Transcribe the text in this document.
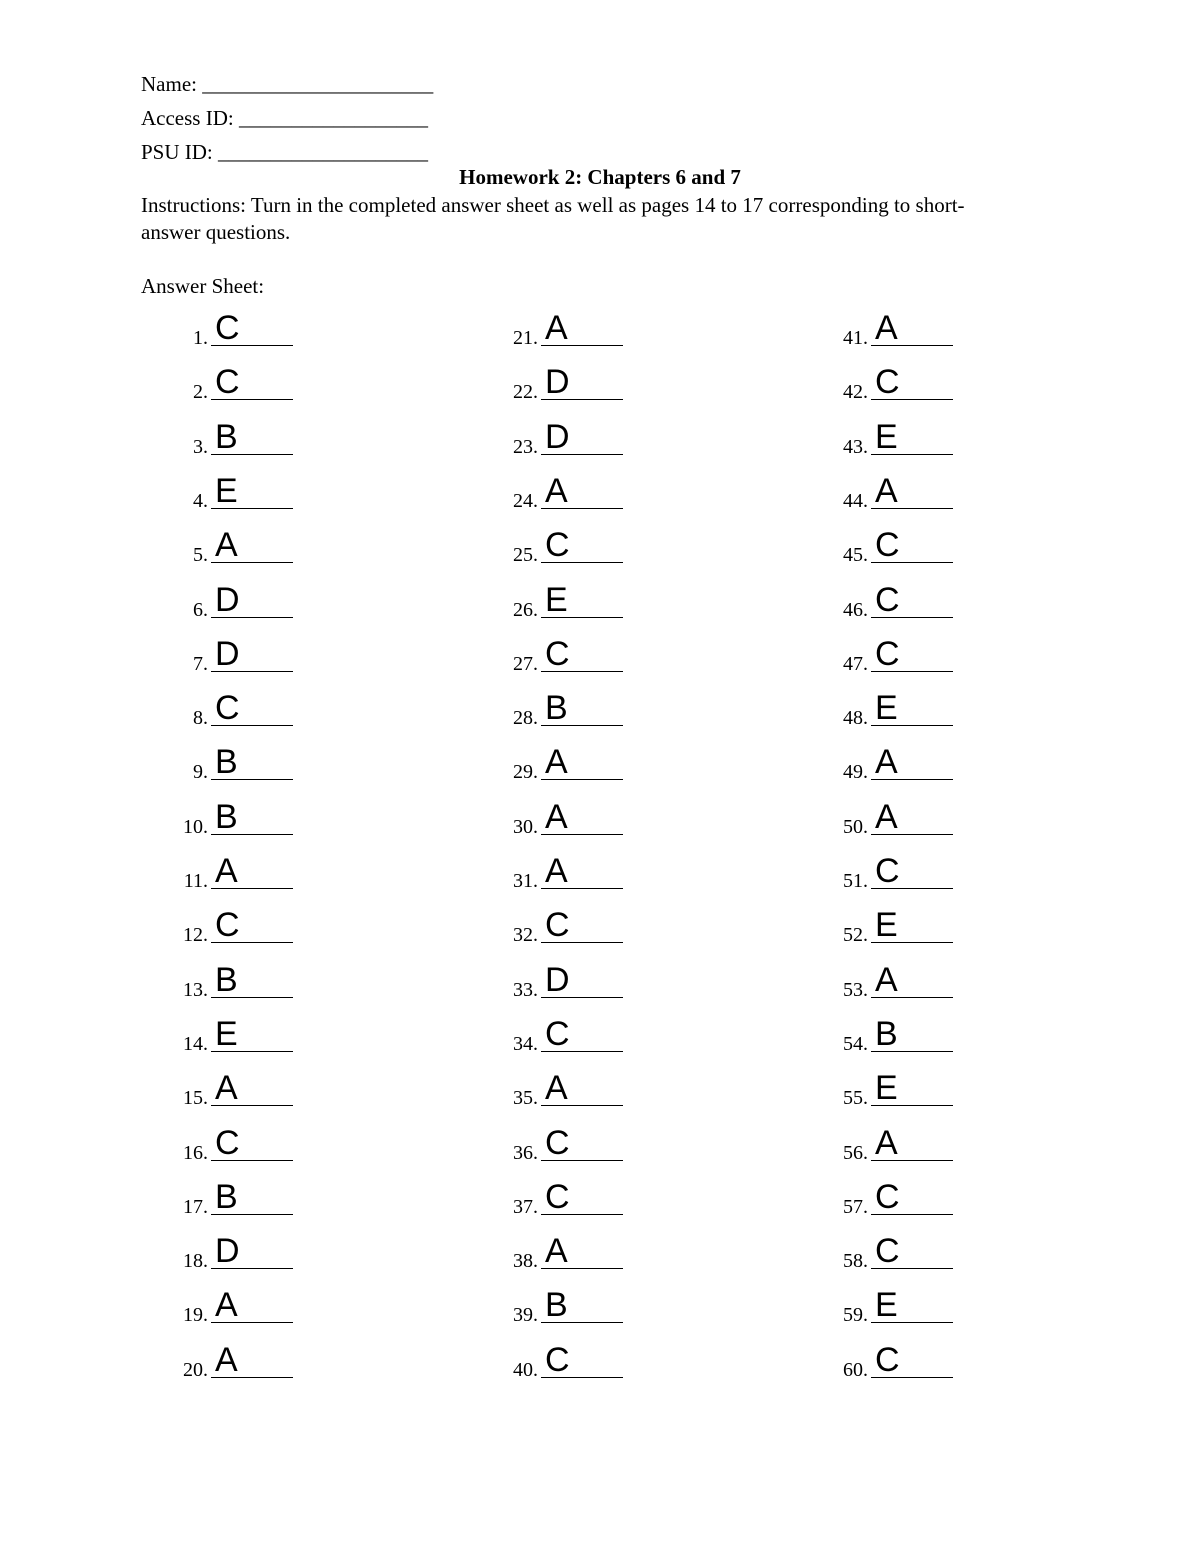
Name: ______________________
Access ID: __________________
PSU ID: ____________________
Homework 2: Chapters 6 and 7
Instructions: Turn in the completed answer sheet as well as pages 14 to 17 corresponding to short-answer questions.
Answer Sheet:
1. C
2. C
3. B
4. E
5. A
6. D
7. D
8. C
9. B
10. B
11. A
12. C
13. B
14. E
15. A
16. C
17. B
18. D
19. A
20. A
21. A
22. D
23. D
24. A
25. C
26. E
27. C
28. B
29. A
30. A
31. A
32. C
33. D
34. C
35. A
36. C
37. C
38. A
39. B
40. C
41. A
42. C
43. E
44. A
45. C
46. C
47. C
48. E
49. A
50. A
51. C
52. E
53. A
54. B
55. E
56. A
57. C
58. C
59. E
60. C
